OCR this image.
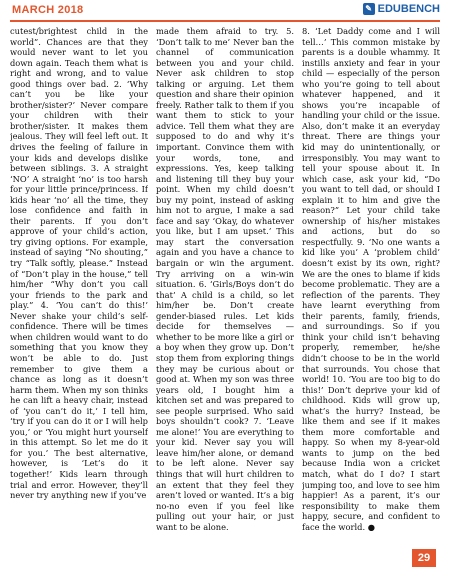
MARCH 2018	✎ EDUBENCH

cutest/brightest child in the world”. Chances are that they would never want to let you down again. Teach them what is right and wrong, and to value good things over bad. 2. ‘Why can’t you be like your brother/sister?’ Never compare your children with their brother/sister. It makes them jealous. They will feel left out. It drives the feeling of failure in your kids and develops dislike between siblings. 3. A straight ‘NO’ A straight ‘no’ is too harsh for your little prince/princess. If kids hear ‘no’ all the time, they lose confidence and faith in their parents. If you don’t approve of your child’s action, try giving options. For example, instead of saying “No shouting,” try “Talk softly, please.” Instead of “Don’t play in the house,” tell him/her “Why don’t you call your friends to the park and play.” 4. ‘You can’t do this!’ Never shake your child’s self-confidence. There will be times when children would want to do something that you know they won’t be able to do. Just remember to give them a chance as long as it doesn’t harm them. When my son thinks he can lift a heavy chair, instead of ‘you can’t do it,’ I tell him, ‘try if you can do it or I will help you,’ or ‘You might hurt yourself in this attempt. So let me do it for you.’ The best alternative, however, is ‘Let’s do it together!’ Kids learn through trial and error. However, they’ll never try anything new if you’ve

made them afraid to try. 5. ‘Don’t talk to me’ Never ban the channel of communication between you and your child. Never ask children to stop talking or arguing. Let them question and share their opinion freely. Rather talk to them if you want them to stick to your advice. Tell them what they are supposed to do and why it’s important. Convince them with your words, tone, and expressions. Yes, keep talking and listening till they buy your point. When my child doesn’t buy my point, instead of asking him not to argue, I make a sad face and say ‘Okay, do whatever you like, but I am upset.’ This may start the conversation again and you have a chance to bargain or win the argument. Try arriving on a win-win situation. 6. ‘Girls/Boys don’t do that’ A child is a child, so let him/her be. Don’t create gender-biased rules. Let kids decide for themselves — whether to be more like a girl or a boy when they grow up. Don’t stop them from exploring things they may be curious about or good at. When my son was three years old, I bought him a kitchen set and was prepared to see people surprised. Who said boys shouldn’t cook? 7. ‘Leave me alone!’ You are everything to your kid. Never say you will leave him/her alone, or demand to be left alone. Never say things that will hurt children to an extent that they feel they aren’t loved or wanted. It’s a big no-no even if you feel like pulling out your hair, or just want to be alone.

8. ‘Let Daddy come and I will tell…’ This common mistake by parents is a double whammy. It instills anxiety and fear in your child — especially of the person who you’re going to tell about whatever happened, and it shows you’re incapable of handling your child or the issue. Also, don’t make it an everyday threat. There are things your kid may do unintentionally, or irresponsibly. You may want to tell your spouse about it. In which case, ask your kid, “Do you want to tell dad, or should I explain it to him and give the reason?” Let your child take ownership of his/her mistakes and actions, but do so respectfully. 9. ‘No one wants a kid like you’ A ‘problem child’ doesn’t exist by its own, right? We are the ones to blame if kids become problematic. They are a reflection of the parents. They have learnt everything from their parents, family, friends, and surroundings. So if you think your child isn’t behaving properly, remember, he/she didn’t choose to be in the world that surrounds. You chose that world! 10. ‘You are too big to do this!’ Don’t deprive your kid of childhood. Kids will grow up, what’s the hurry? Instead, be like them and see if it makes them more comfortable and happy. So when my 8-year-old wants to jump on the bed because India won a cricket match, what do I do? I start jumping too, and love to see him happier! As a parent, it’s our responsibility to make them happy, secure, and confident to face the world. ●

29
